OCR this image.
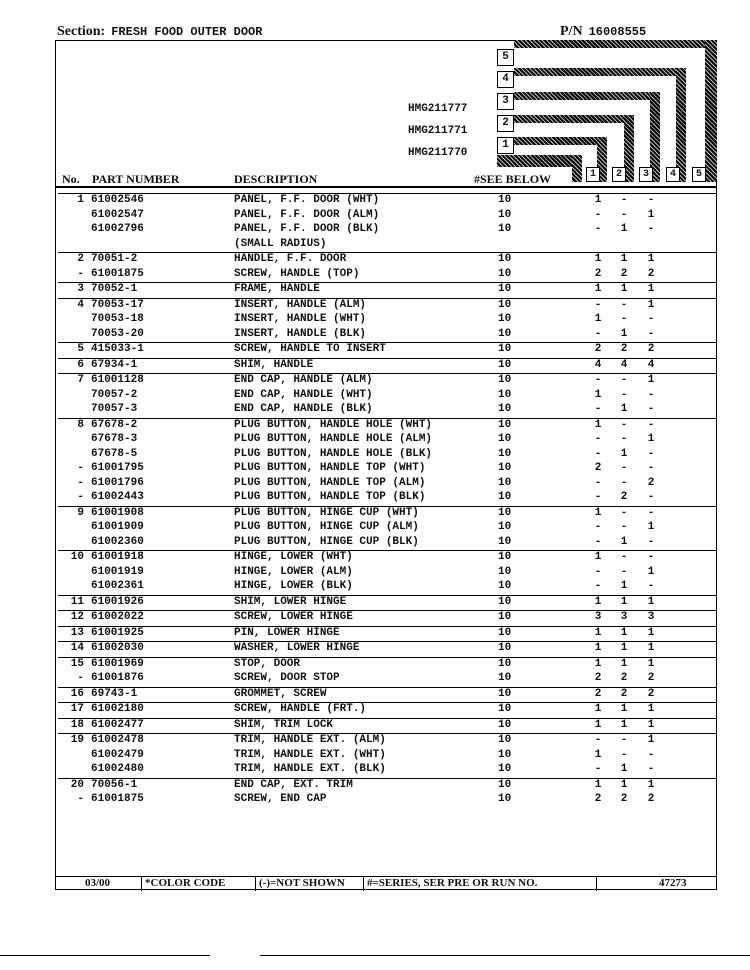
Section: FRESH FOOD OUTER DOOR	P/N 16008555
5
4
3
2
1
HMG211777
HMG211771
HMG211770
No. PART NUMBER	DESCRIPTION	#SEE BELOW	1	2	3	4	5
1 61002546	PANEL, F.F. DOOR (WHT)	10	1 - -
61002547	PANEL, F.F. DOOR (ALM)	10	- - 1
61002796	PANEL, F.F. DOOR (BLK)	10	- 1 -
(SMALL RADIUS)
2 70051-2	HANDLE, F.F. DOOR	10	1 1 1
- 61001875	SCREW, HANDLE (TOP)	10	2 2 2
3 70052-1	FRAME, HANDLE	10	1 1 1
4 70053-17	INSERT, HANDLE (ALM)	10	- - 1
70053-18	INSERT, HANDLE (WHT)	10	1 - -
70053-20	INSERT, HANDLE (BLK)	10	- 1 -
5 415033-1	SCREW, HANDLE TO INSERT	10	2 2 2
6 67934-1	SHIM, HANDLE	10	4 4 4
7 61001128	END CAP, HANDLE (ALM)	10	- - 1
70057-2	END CAP, HANDLE (WHT)	10	1 - -
70057-3	END CAP, HANDLE (BLK)	10	- 1 -
8 67678-2	PLUG BUTTON, HANDLE HOLE (WHT)	10	1 - -
67678-3	PLUG BUTTON, HANDLE HOLE (ALM)	10	- - 1
67678-5	PLUG BUTTON, HANDLE HOLE (BLK)	10	- 1 -
- 61001795	PLUG BUTTON, HANDLE TOP (WHT)	10	2 - -
- 61001796	PLUG BUTTON, HANDLE TOP (ALM)	10	- - 2
- 61002443	PLUG BUTTON, HANDLE TOP (BLK)	10	- 2 -
9 61001908	PLUG BUTTON, HINGE CUP (WHT)	10	1 - -
61001909	PLUG BUTTON, HINGE CUP (ALM)	10	- - 1
61002360	PLUG BUTTON, HINGE CUP (BLK)	10	- 1 -
10 61001918	HINGE, LOWER (WHT)	10	1 - -
61001919	HINGE, LOWER (ALM)	10	- - 1
61002361	HINGE, LOWER (BLK)	10	- 1 -
11 61001926	SHIM, LOWER HINGE	10	1 1 1
12 61002022	SCREW, LOWER HINGE	10	3 3 3
13 61001925	PIN, LOWER HINGE	10	1 1 1
14 61002030	WASHER, LOWER HINGE	10	1 1 1
15 61001969	STOP, DOOR	10	1 1 1
- 61001876	SCREW, DOOR STOP	10	2 2 2
16 69743-1	GROMMET, SCREW	10	2 2 2
17 61002180	SCREW, HANDLE (FRT.)	10	1 1 1
18 61002477	SHIM, TRIM LOCK	10	1 1 1
19 61002478	TRIM, HANDLE EXT. (ALM)	10	- - 1
61002479	TRIM, HANDLE EXT. (WHT)	10	1 - -
61002480	TRIM, HANDLE EXT. (BLK)	10	- 1 -
20 70056-1	END CAP, EXT. TRIM	10	1 1 1
- 61001875	SCREW, END CAP	10	2 2 2
03/00	*COLOR CODE	(-)=NOT SHOWN #=SERIES, SER PRE OR RUN NO.	47273
